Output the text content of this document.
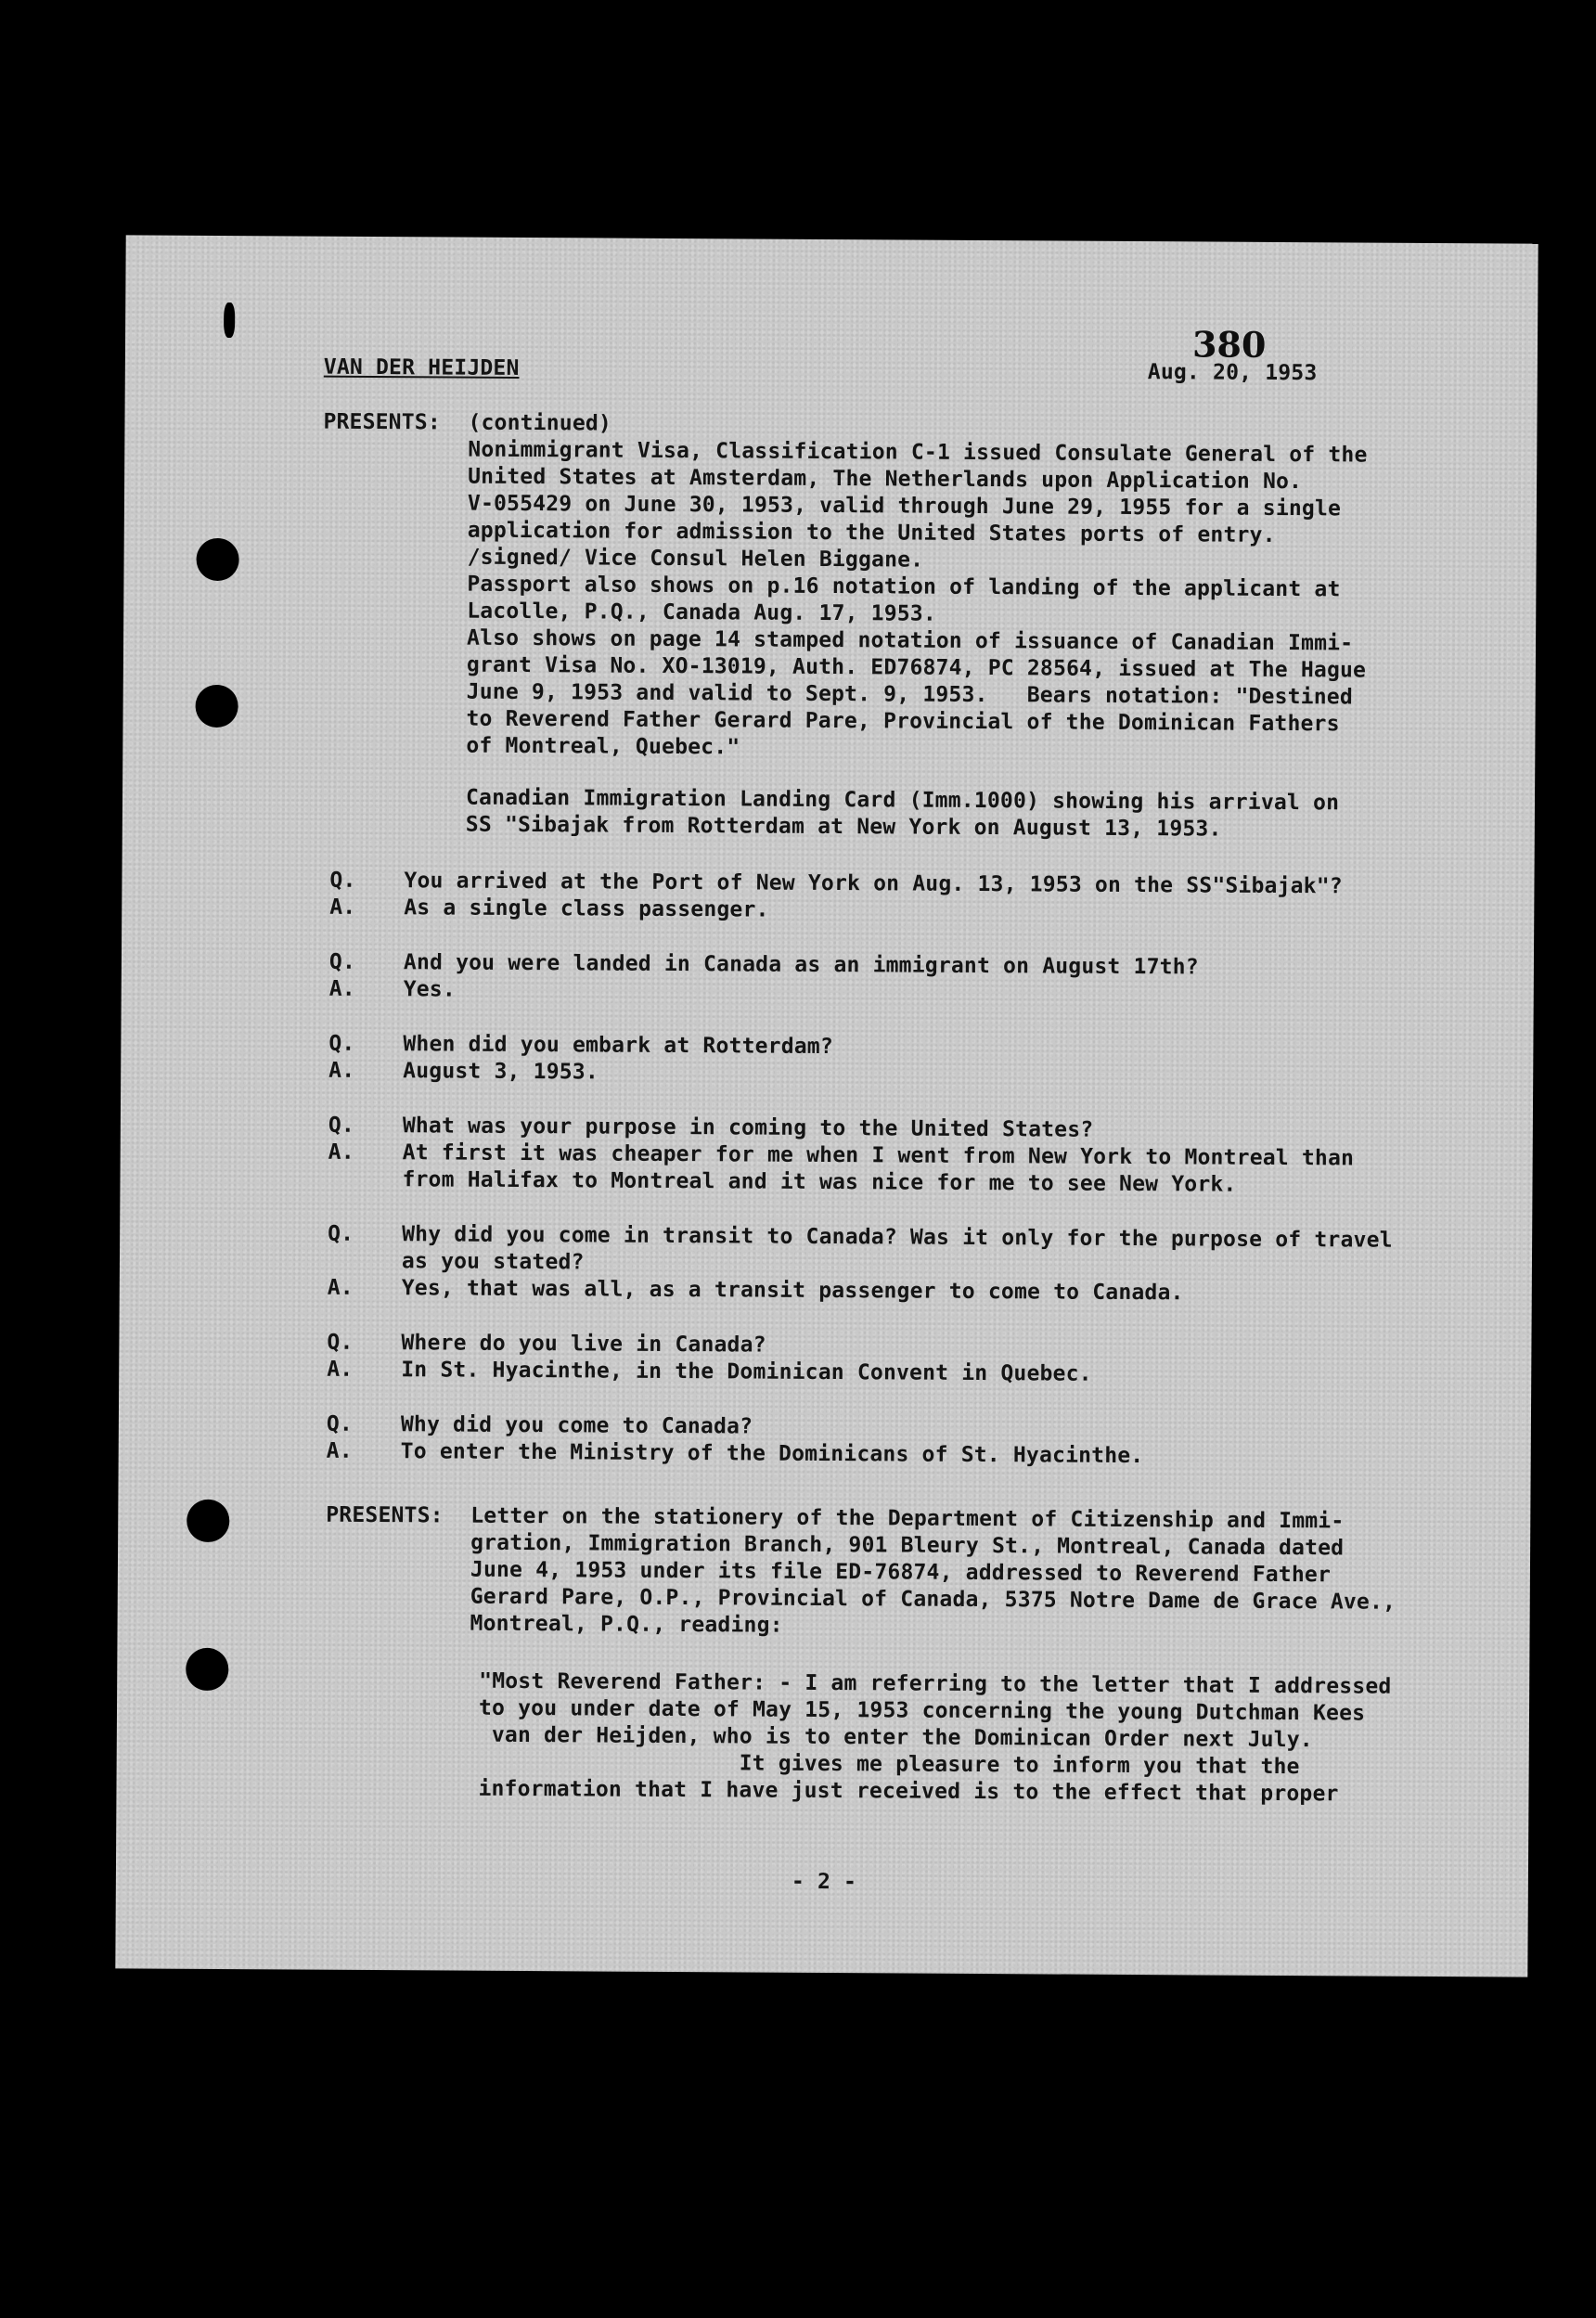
VAN DER HEIJDEN
380
Aug. 20, 1953
PRESENTS: (continued)
Nonimmigrant Visa, Classification C-1 issued Consulate General of the
United States at Amsterdam, The Netherlands upon Application No.
V-055429 on June 30, 1953, valid through June 29, 1955 for a single
application for admission to the United States ports of entry.
/signed/ Vice Consul Helen Biggane.
Passport also shows on p.16 notation of landing of the applicant at
Lacolle, P.Q., Canada Aug. 17, 1953.
Also shows on page 14 stamped notation of issuance of Canadian Immi-
grant Visa No. XO-13019, Auth. ED76874, PC 28564, issued at The Hague
June 9, 1953 and valid to Sept. 9, 1953.   Bears notation: "Destined
to Reverend Father Gerard Pare, Provincial of the Dominican Fathers
of Montreal, Quebec."
Canadian Immigration Landing Card (Imm.1000) showing his arrival on
SS "Sibajak from Rotterdam at New York on August 13, 1953.
Q. You arrived at the Port of New York on Aug. 13, 1953 on the SS"Sibajak"?
A. As a single class passenger.
Q. And you were landed in Canada as an immigrant on August 17th?
A. Yes.
Q. When did you embark at Rotterdam?
A. August 3, 1953.
Q. What was your purpose in coming to the United States?
A. At first it was cheaper for me when I went from New York to Montreal than
from Halifax to Montreal and it was nice for me to see New York.
Q. Why did you come in transit to Canada? Was it only for the purpose of travel
as you stated?
A. Yes, that was all, as a transit passenger to come to Canada.
Q. Where do you live in Canada?
A. In St. Hyacinthe, in the Dominican Convent in Quebec.
Q. Why did you come to Canada?
A. To enter the Ministry of the Dominicans of St. Hyacinthe.
PRESENTS: Letter on the stationery of the Department of Citizenship and Immi-
gration, Immigration Branch, 901 Bleury St., Montreal, Canada dated
June 4, 1953 under its file ED-76874, addressed to Reverend Father
Gerard Pare, O.P., Provincial of Canada, 5375 Notre Dame de Grace Ave.,
Montreal, P.Q., reading:
"Most Reverend Father: - I am referring to the letter that I addressed
to you under date of May 15, 1953 concerning the young Dutchman Kees
van der Heijden, who is to enter the Dominican Order next July.
It gives me pleasure to inform you that the
information that I have just received is to the effect that proper
- 2 -
